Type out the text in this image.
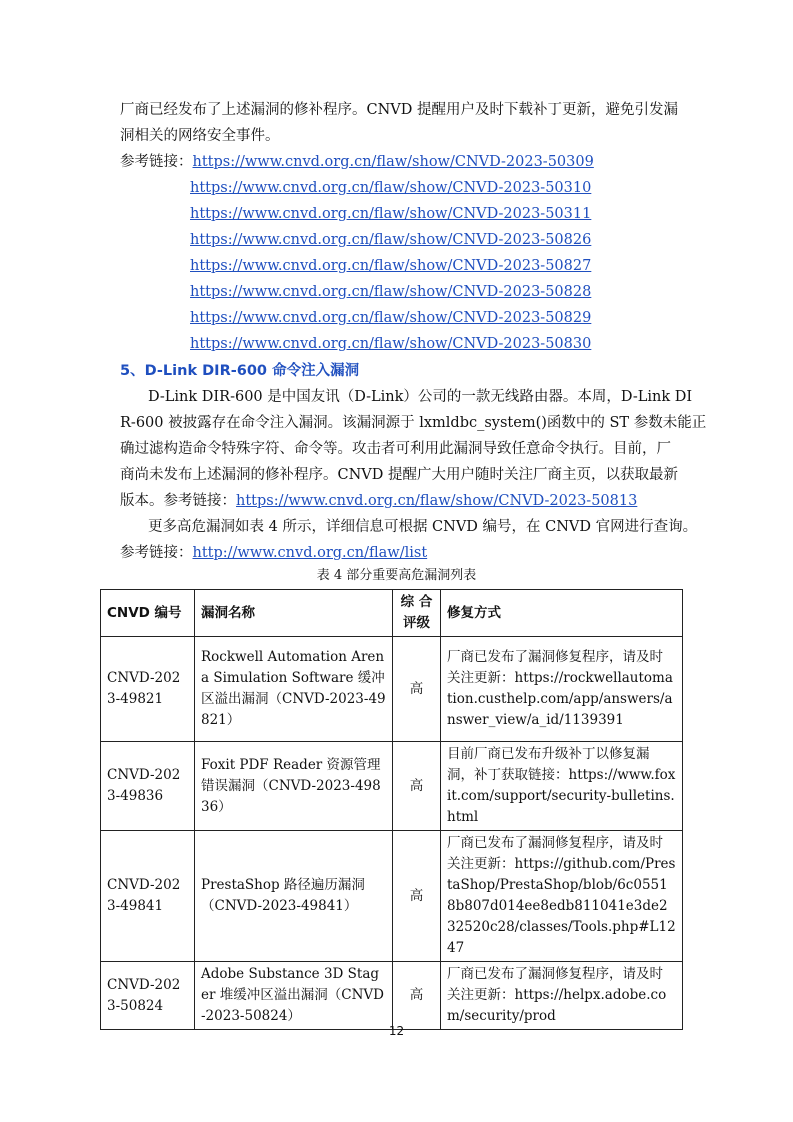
厂商已经发布了上述漏洞的修补程序。CNVD 提醒用户及时下载补丁更新，避免引发漏

洞相关的网络安全事件。

参考链接：https://www.cnvd.org.cn/flaw/show/CNVD-2023-50309

https://www.cnvd.org.cn/flaw/show/CNVD-2023-50310

https://www.cnvd.org.cn/flaw/show/CNVD-2023-50311

https://www.cnvd.org.cn/flaw/show/CNVD-2023-50826

https://www.cnvd.org.cn/flaw/show/CNVD-2023-50827

https://www.cnvd.org.cn/flaw/show/CNVD-2023-50828

https://www.cnvd.org.cn/flaw/show/CNVD-2023-50829

https://www.cnvd.org.cn/flaw/show/CNVD-2023-50830

5、D-Link DIR-600 命令注入漏洞

D-Link DIR-600 是中国友讯（D-Link）公司的一款无线路由器。本周，D-Link DI

R-600 被披露存在命令注入漏洞。该漏洞源于 lxmldbc_system()函数中的 ST 参数未能正

确过滤构造命令特殊字符、命令等。攻击者可利用此漏洞导致任意命令执行。目前，厂

商尚未发布上述漏洞的修补程序。CNVD 提醒广大用户随时关注厂商主页，以获取最新

版本。参考链接：https://www.cnvd.org.cn/flaw/show/CNVD-2023-50813

更多高危漏洞如表 4 所示，详细信息可根据 CNVD 编号，在 CNVD 官网进行查询。

参考链接：http://www.cnvd.org.cn/flaw/list

表 4 部分重要高危漏洞列表

CNVD 编号	漏洞名称	综 合评级	修复方式
CNVD-2023-49821	Rockwell Automation Arena Simulation Software 缓冲区溢出漏洞（CNVD-2023-49821）	高	厂商已发布了漏洞修复程序，请及时关注更新：https://rockwellautomation.custhelp.com/app/answers/answer_view/a_id/1139391
CNVD-2023-49836	Foxit PDF Reader 资源管理错误漏洞（CNVD-2023-49836）	高	目前厂商已发布升级补丁以修复漏洞，补丁获取链接：https://www.foxit.com/support/security-bulletins.html
CNVD-2023-49841	PrestaShop 路径遍历漏洞（CNVD-2023-49841）	高	厂商已发布了漏洞修复程序，请及时关注更新：https://github.com/PrestaShop/PrestaShop/blob/6c05518b807d014ee8edb811041e3de232520c28/classes/Tools.php#L1247
CNVD-2023-50824	Adobe Substance 3D Stager 堆缓冲区溢出漏洞（CNVD-2023-50824）	高	厂商已发布了漏洞修复程序，请及时关注更新：https://helpx.adobe.com/security/prod
12
